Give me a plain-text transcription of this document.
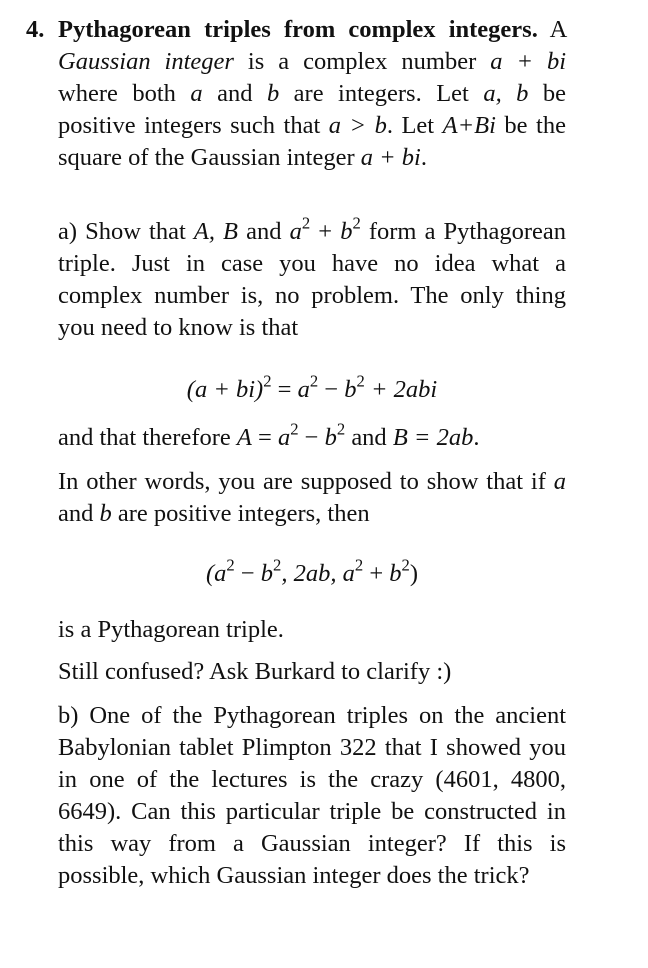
4. Pythagorean triples from complex integers. A Gaussian integer is a complex number a + bi where both a and b are integers. Let a, b be positive integers such that a > b. Let A+Bi be the square of the Gaussian integer a + bi.

a) Show that A, B and $a^2 + b^2$ form a Pythagorean triple. Just in case you have no idea what a complex number is, no problem. The only thing you need to know is that

$(a + bi)^2 = a^2 - b^2 + 2abi$

and that therefore $A = a^2 - b^2$ and B = 2ab.

In other words, you are supposed to show that if a and b are positive integers, then

($a^2 - b^2$, 2ab, $a^2 + b^2$)

is a Pythagorean triple.

Still confused? Ask Burkard to clarify :)

b) One of the Pythagorean triples on the ancient Babylonian tablet Plimpton 322 that I showed you in one of the lectures is the crazy (4601, 4800, 6649). Can this particular triple be constructed in this way from a Gaussian integer? If this is possible, which Gaussian integer does the trick?
